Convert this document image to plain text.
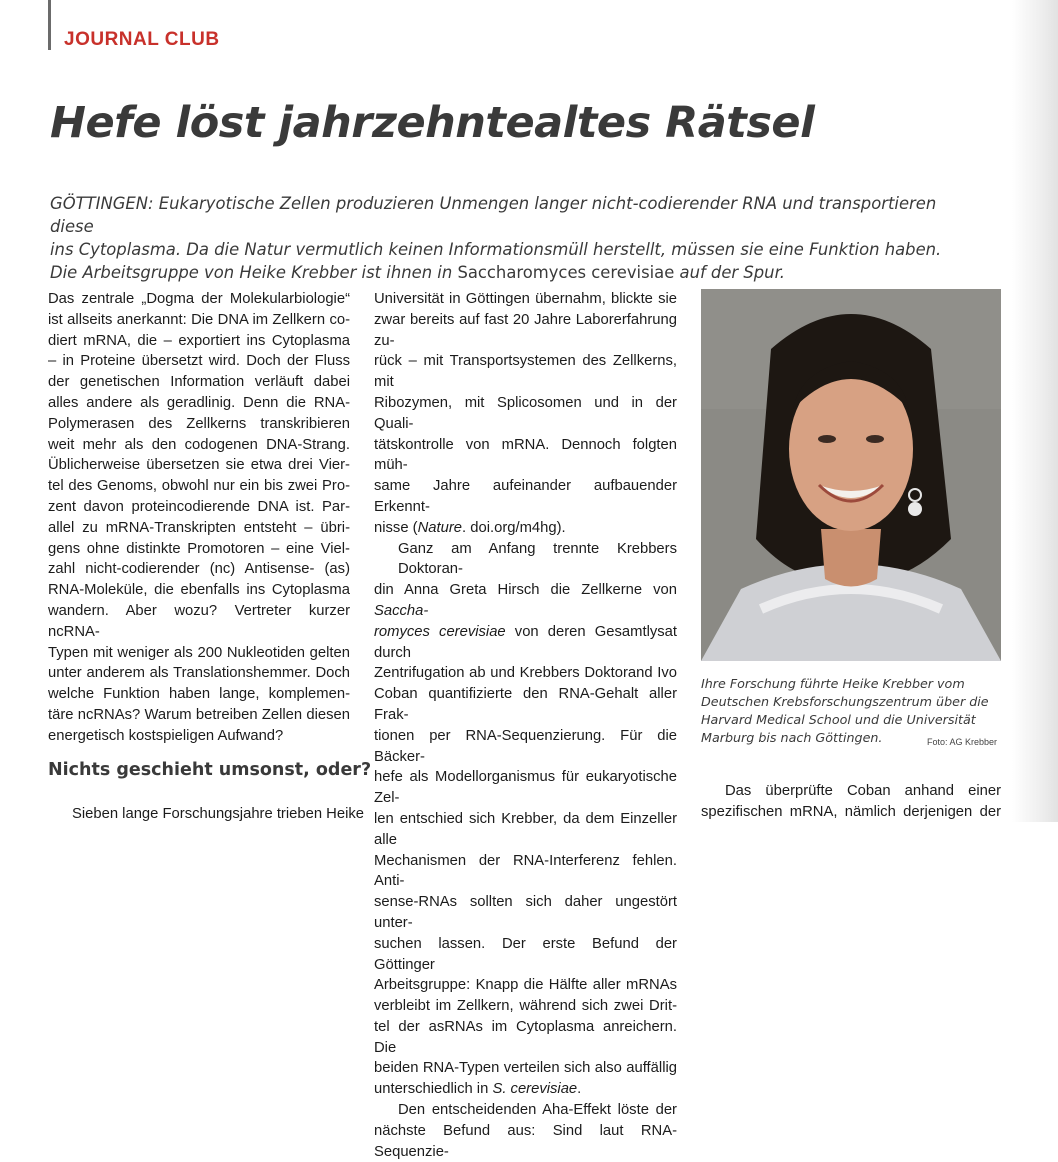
JOURNAL CLUB
Hefe löst jahrzehntealtes Rätsel

GÖTTINGEN: Eukaryotische Zellen produzieren Unmengen langer nicht-codierender RNA und transportieren diese
ins Cytoplasma. Da die Natur vermutlich keinen Informationsmüll herstellt, müssen sie eine Funktion haben.
Die Arbeitsgruppe von Heike Krebber ist ihnen in Saccharomyces cerevisiae auf der Spur.

Das zentrale „Dogma der Molekularbiologie“
ist allseits anerkannt: Die DNA im Zellkern co-
diert mRNA, die – exportiert ins Cytoplasma
– in Proteine übersetzt wird. Doch der Fluss
der genetischen Information verläuft dabei
alles andere als geradlinig. Denn die RNA-
Polymerasen des Zellkerns transkribieren
weit mehr als den codogenen DNA-Strang.
Üblicherweise übersetzen sie etwa drei Vier-
tel des Genoms, obwohl nur ein bis zwei Pro-
zent davon proteincodierende DNA ist. Par-
allel zu mRNA-Transkripten entsteht – übri-
gens ohne distinkte Promotoren – eine Viel-
zahl nicht-codierender (nc) Antisense- (as)
RNA-Moleküle, die ebenfalls ins Cytoplasma
wandern. Aber wozu? Vertreter kurzer ncRNA-
Typen mit weniger als 200 Nukleotiden gelten
unter anderem als Translationshemmer. Doch
welche Funktion haben lange, komplemen-
täre ncRNAs? Warum betreiben Zellen diesen
energetisch kostspieligen Aufwand?
Nichts geschieht umsonst, oder?
Sieben lange Forschungsjahre trieben Heike
Universität in Göttingen übernahm, blickte sie
zwar bereits auf fast 20 Jahre Laborerfahrung zu-
rück – mit Transportsystemen des Zellkerns, mit
Ribozymen, mit Splicosomen und in der Quali-
tätskontrolle von mRNA. Dennoch folgten müh-
same Jahre aufeinander aufbauender Erkennt-
nisse (Nature. doi.org/m4hg).
Ganz am Anfang trennte Krebbers Doktoran-
din Anna Greta Hirsch die Zellkerne von Saccha-
romyces cerevisiae von deren Gesamtlysat durch
Zentrifugation ab und Krebbers Doktorand Ivo
Coban quantifizierte den RNA-Gehalt aller Frak-
tionen per RNA-Sequenzierung. Für die Bäcker-
hefe als Modellorganismus für eukaryotische Zel-
len entschied sich Krebber, da dem Einzeller alle
Mechanismen der RNA-Interferenz fehlen. Anti-
sense-RNAs sollten sich daher ungestört unter-
suchen lassen. Der erste Befund der Göttinger
Arbeitsgruppe: Knapp die Hälfte aller mRNAs
verbleibt im Zellkern, während sich zwei Drit-
tel der asRNAs im Cytoplasma anreichern. Die
beiden RNA-Typen verteilen sich also auffällig
unterschiedlich in S. cerevisiae.
Den entscheidenden Aha-Effekt löste der
nächste Befund aus: Sind laut RNA-Sequenzie-
Ihre Forschung führte Heike Krebber vom
Deutschen Krebsforschungszentrum über die
Harvard Medical School und die Universität
Marburg bis nach Göttingen.	Foto: AG Krebber
Das überprüfte Coban anhand einer
spezifischen mRNA, nämlich derjenigen der
